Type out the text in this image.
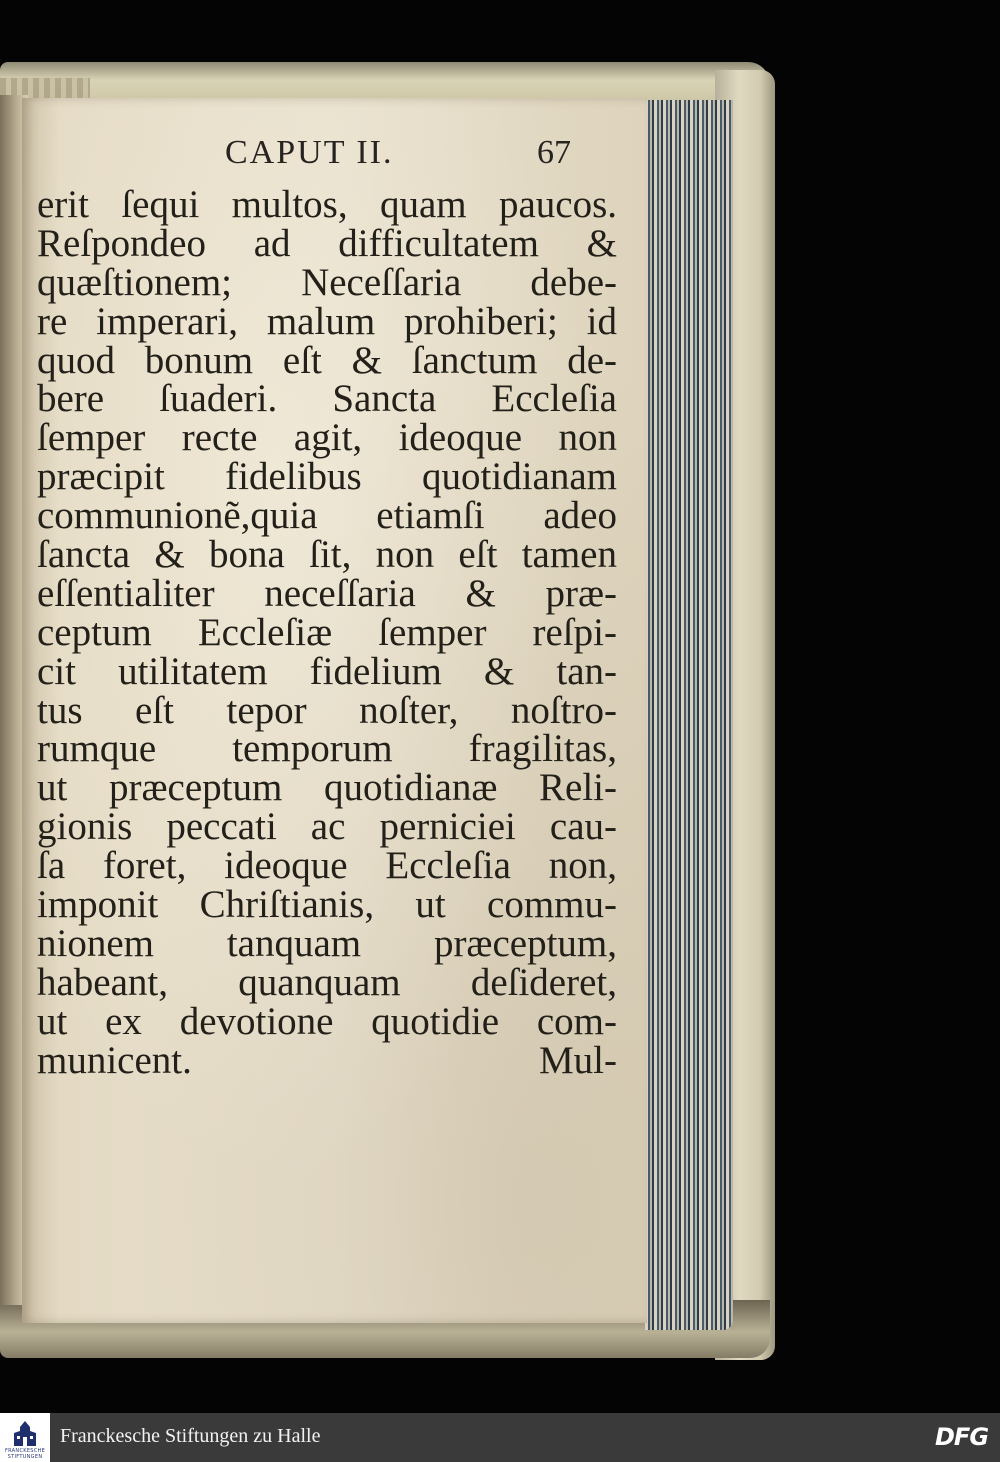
CAPUT II.	67
erit ſequi multos, quam paucos.
Reſpondeo ad difficultatem &
quæſtionem; Neceſſaria debe-
re imperari, malum prohiberi; id
quod bonum eſt & ſanctum de-
bere ſuaderi. Sancta Eccleſia
ſemper recte agit, ideoque non
præcipit fidelibus quotidianam
communionẽ,quia etiamſi adeo
ſancta & bona ſit, non eſt tamen
eſſentialiter neceſſaria & præ-
ceptum Eccleſiæ ſemper reſpi-
cit utilitatem fidelium & tan-
tus eſt tepor noſter, noſtro-
rumque temporum fragilitas,
ut præceptum quotidianæ Reli-
gionis peccati ac perniciei cau-
ſa foret, ideoque Eccleſia non,
imponit Chriſtianis, ut commu-
nionem tanquam præceptum,
habeant, quanquam deſideret,
ut ex devotione quotidie com-
municent.	Mul-
FRANCKESCHE STIFTUNGEN
Franckesche Stiftungen zu Halle	DFG
